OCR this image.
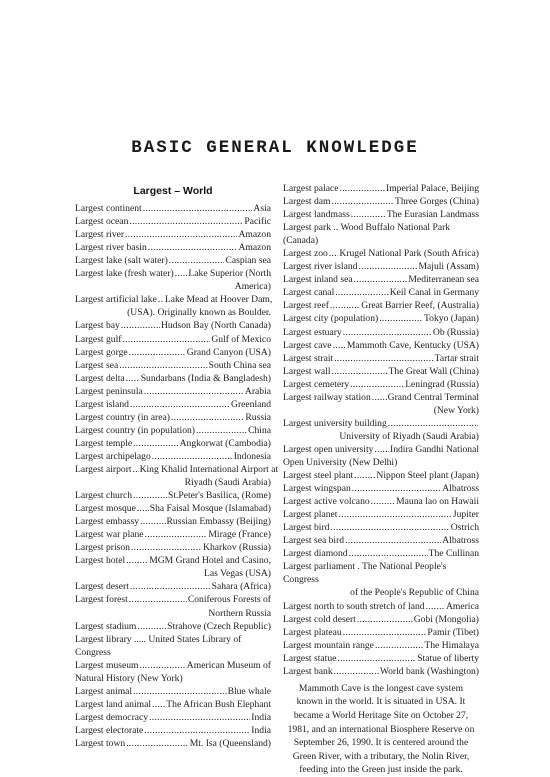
BASIC GENERAL KNOWLEDGE
Largest – World
Largest continent .....	Asia
Largest ocean .....	Pacific
Largest river .....	Amazon
Largest river basin .....	Amazon
Largest lake (salt water) .....	Caspian sea
Largest lake (fresh water) ..... Lake Superior (North
America)
Largest artificial lake ..... Lake Mead at Hoover Dam,
(USA). Originally known as Boulder.
Largest bay .....	Hudson Bay (North Canada)
Largest gulf .....	Gulf of Mexico
Largest gorge .....	Grand Canyon (USA)
Largest sea .....	South China sea
Largest delta ..... Sundarbans (India & Bangladesh)
Largest peninsula .....	Arabia
Largest island .....	Greenland
Largest country (in area) .....	Russia
Largest country (in population) .....	China
Largest temple .....	Angkorwat (Cambodia)
Largest archipelago .....	Indonesia
Largest airport ..... King Khalid International Airport at
Riyadh (Saudi Arabia)
Largest church .....	St.Peter's Basilica, (Rome)
Largest mosque ..... Sha Faisal Mosque (Islamabad)
Largest embassy .....	Russian Embassy (Beijing)
Largest war plane .....	Mirage (France)
Largest prison .....	Kharkov (Russia)
Largest hotel .....	MGM Grand Hotel and Casino,
Las Vegas (USA)
Largest desert .....	Sahara (Africa)
Largest forest .....	Coniferous Forests of
Northern Russia
Largest stadium .....	Strahove (Czech Republic)
Largest library ..... United States Library of Congress
Largest museum .....	American Museum of
Natural History (New York)
Largest animal .....	Blue whale
Largest land animal ..... The African Bush Elephant
Largest democracy .....	India
Largest electorate .....	India
Largest town .....	Mt. Isa (Queensland)
Largest palace .....	Imperial Palace, Beijing
Largest dam .....	Three Gorges (China)
Largest landmass .....	The Eurasian Landmass
Largest park .. Wood Buffalo National Park (Canada)
Largest zoo ..... Krugel National Park (South Africa)
Largest river island .....	Majuli (Assam)
Largest inland sea .....	Mediterranean sea
Largest canal .....	Keil Canal in Germany
Largest reef .....	Great Barrier Reef, (Australia)
Largest city (population) .....	Tokyo (Japan)
Largest estuary .....	Ob (Russia)
Largest cave ..... Mammoth Cave, Kentucky (USA)
Largest strait .....	Tartar strait
Largest wall .....	The Great Wall (China)
Largest cemetery .....	Leningrad (Russia)
Largest railway station ..... Grand Central Terminal
(New York)
Largest university building
.....
University of Riyadh (Saudi Arabia)
Largest open university ..... Indira Gandhi National
Open University (New Delhi)
Largest steel plant ..... Nippon Steel plant (Japan)
Largest wingspan .....	Albatross
Largest active volcano .....	Mauna lao on Hawaii
Largest planet .....	Jupiter
Largest bird .....	Ostrich
Largest sea bird .....	Albatross
Largest diamond .....	The Cullinan
Largest parliament . The National People's Congress
of the People's Republic of China
Largest north to south stretch of land ..... America
Largest cold desert .....	Gobi (Mongolia)
Largest plateau .....	Pamir (Tibet)
Largest mountain range .....	The Himalaya
Largest statue .....	Statue of liberty
Largest bank .....	World bank (Washington)
Mammoth Cave is the longest cave system
known in the world. It is situated in USA. It
became a World Heritage Site on October 27,
1981, and an international Biosphere Reserve on
September 26, 1990. It is centered around the
Green River, with a tributary, the Nolin River,
feeding into the Green just inside the park.
